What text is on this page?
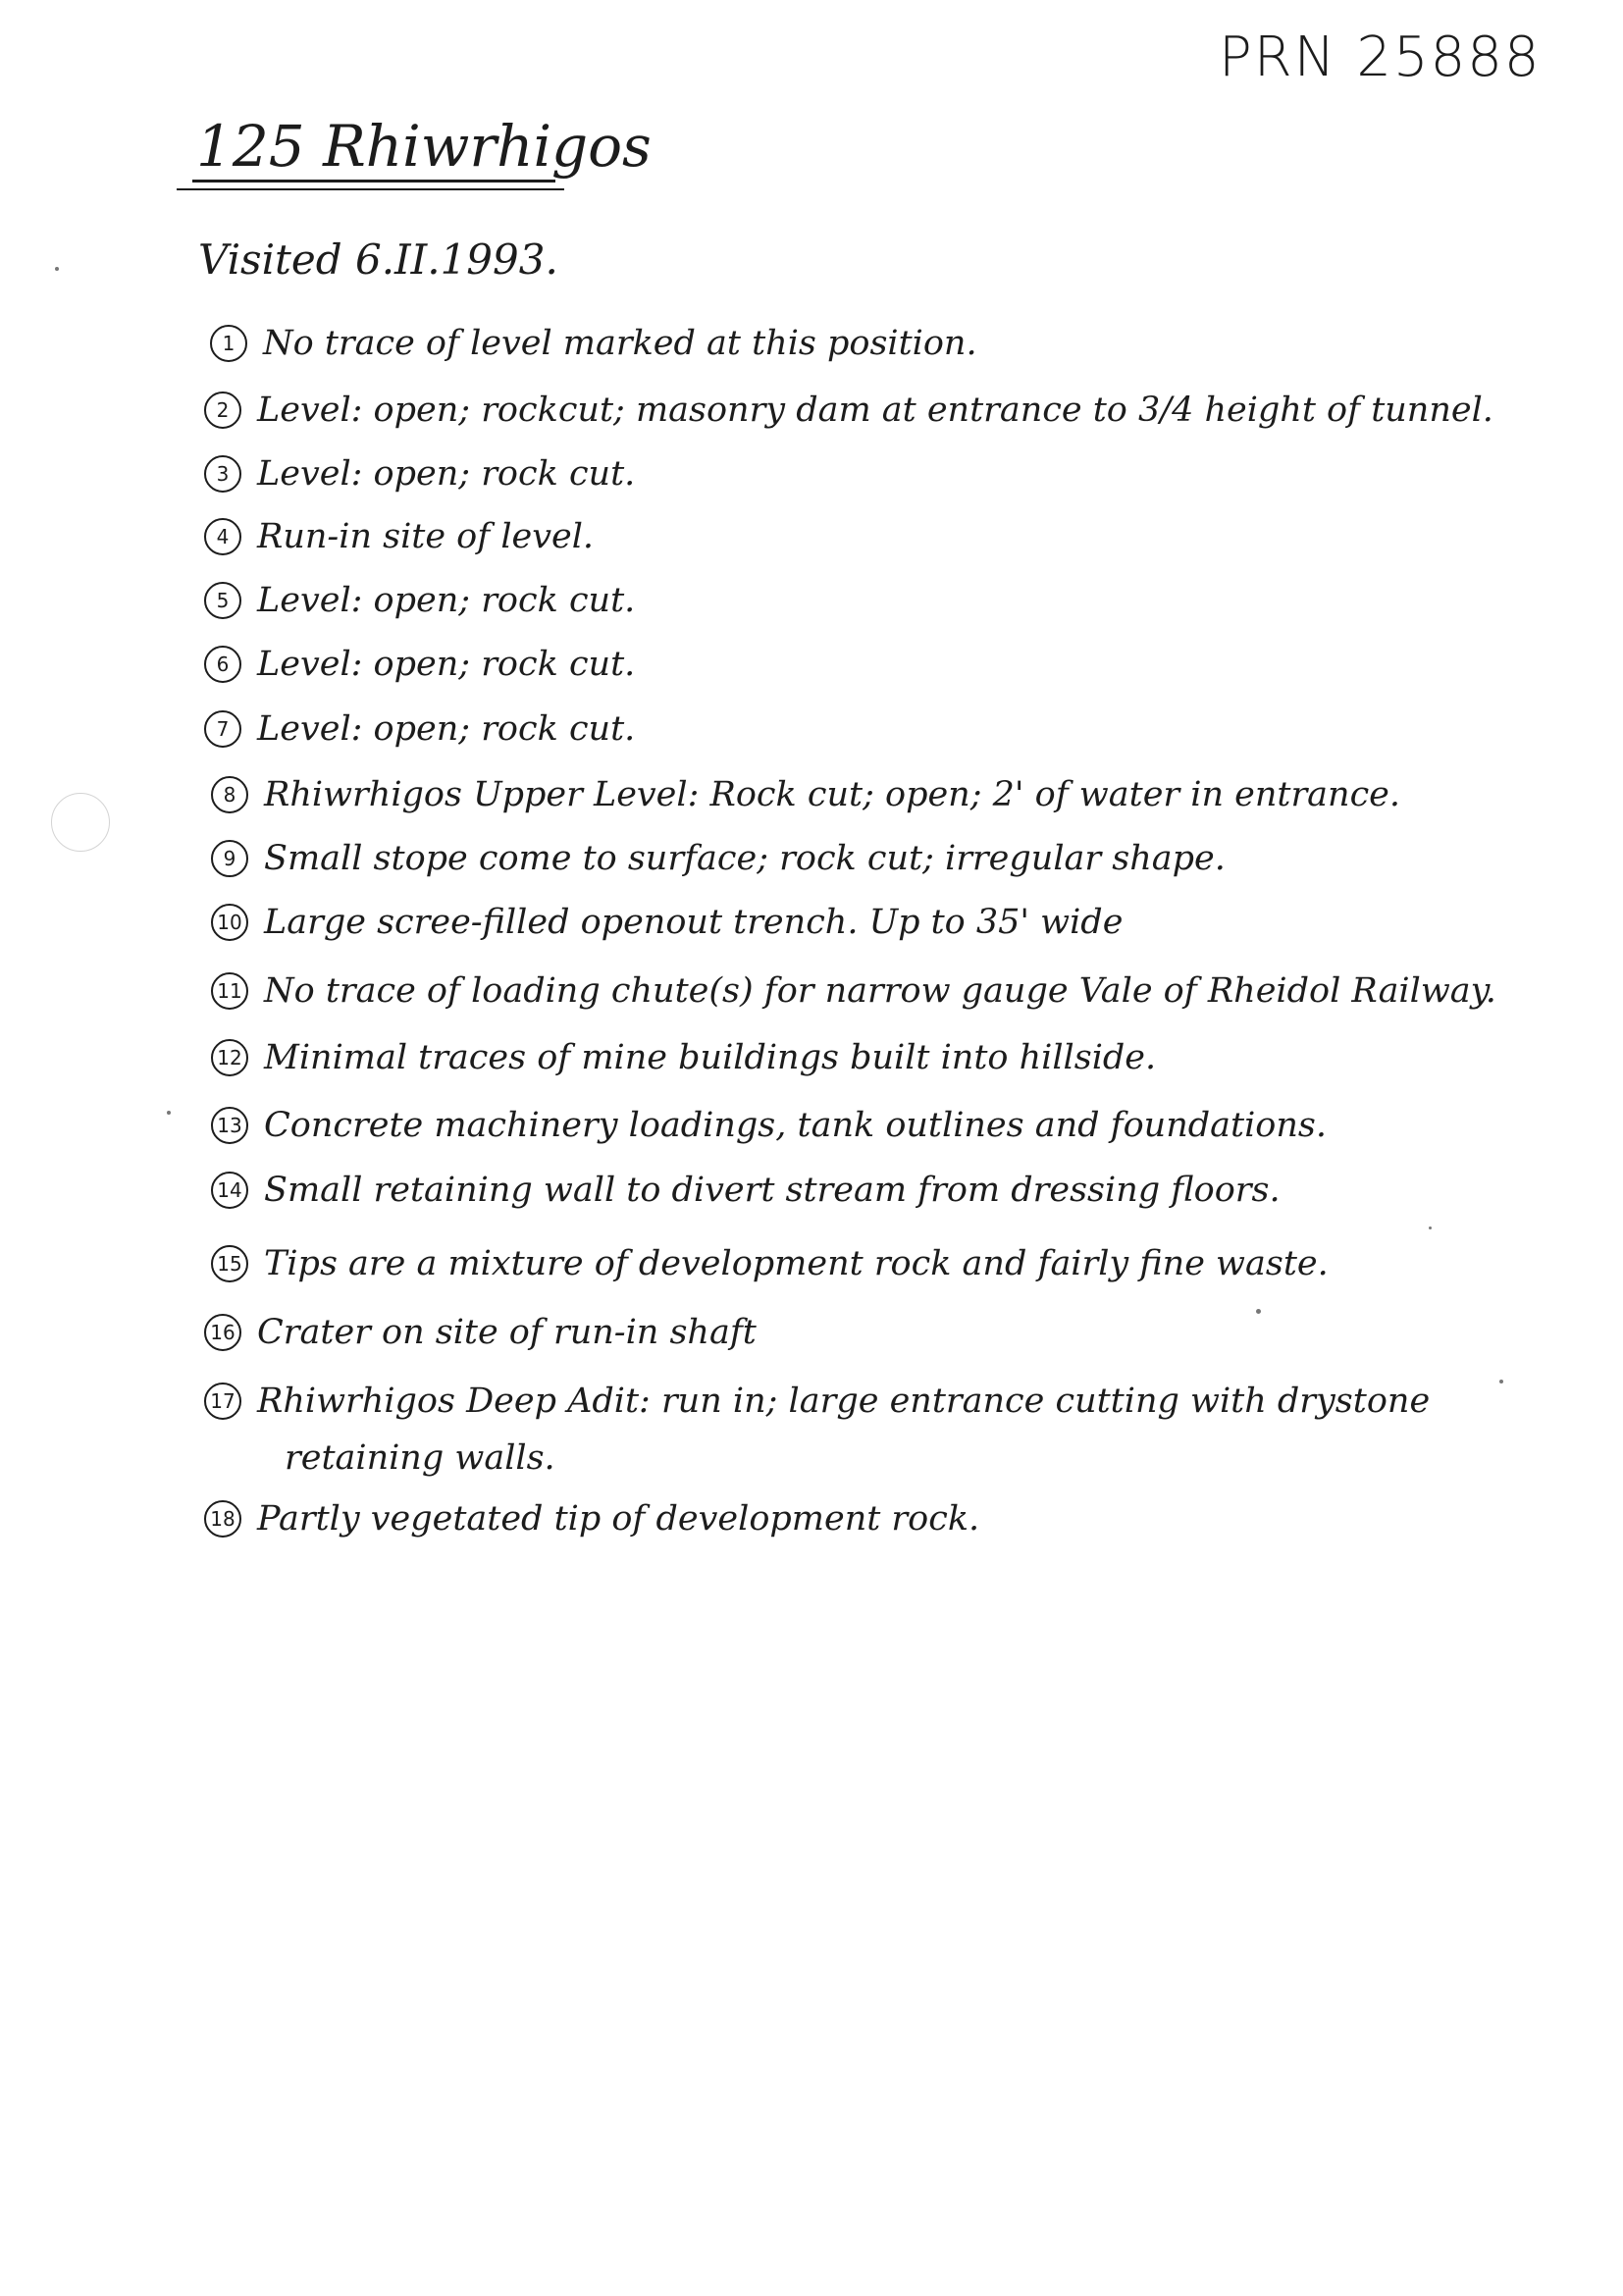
PRN 25888
125 Rhiwrhigos
Visited 6.II.1993.
1 No trace of level marked at this position.
2 Level: open; rockcut; masonry dam at entrance to 3/4 height of tunnel.
3 Level: open; rock cut.
4 Run-in site of level.
5 Level: open; rock cut.
6 Level: open; rock cut.
7 Level: open; rock cut.
8 Rhiwrhigos Upper Level: Rock cut; open; 2' of water in entrance.
9 Small stope come to surface; rock cut; irregular shape.
10 Large scree-filled openout trench. Up to 35' wide
11 No trace of loading chute(s) for narrow gauge Vale of Rheidol Railway.
12 Minimal traces of mine buildings built into hillside.
13 Concrete machinery loadings, tank outlines and foundations.
14 Small retaining wall to divert stream from dressing floors.
15 Tips are a mixture of development rock and fairly fine waste.
16 Crater on site of run-in shaft
17 Rhiwrhigos Deep Adit: run in; large entrance cutting with drystone
retaining walls.
18 Partly vegetated tip of development rock.
